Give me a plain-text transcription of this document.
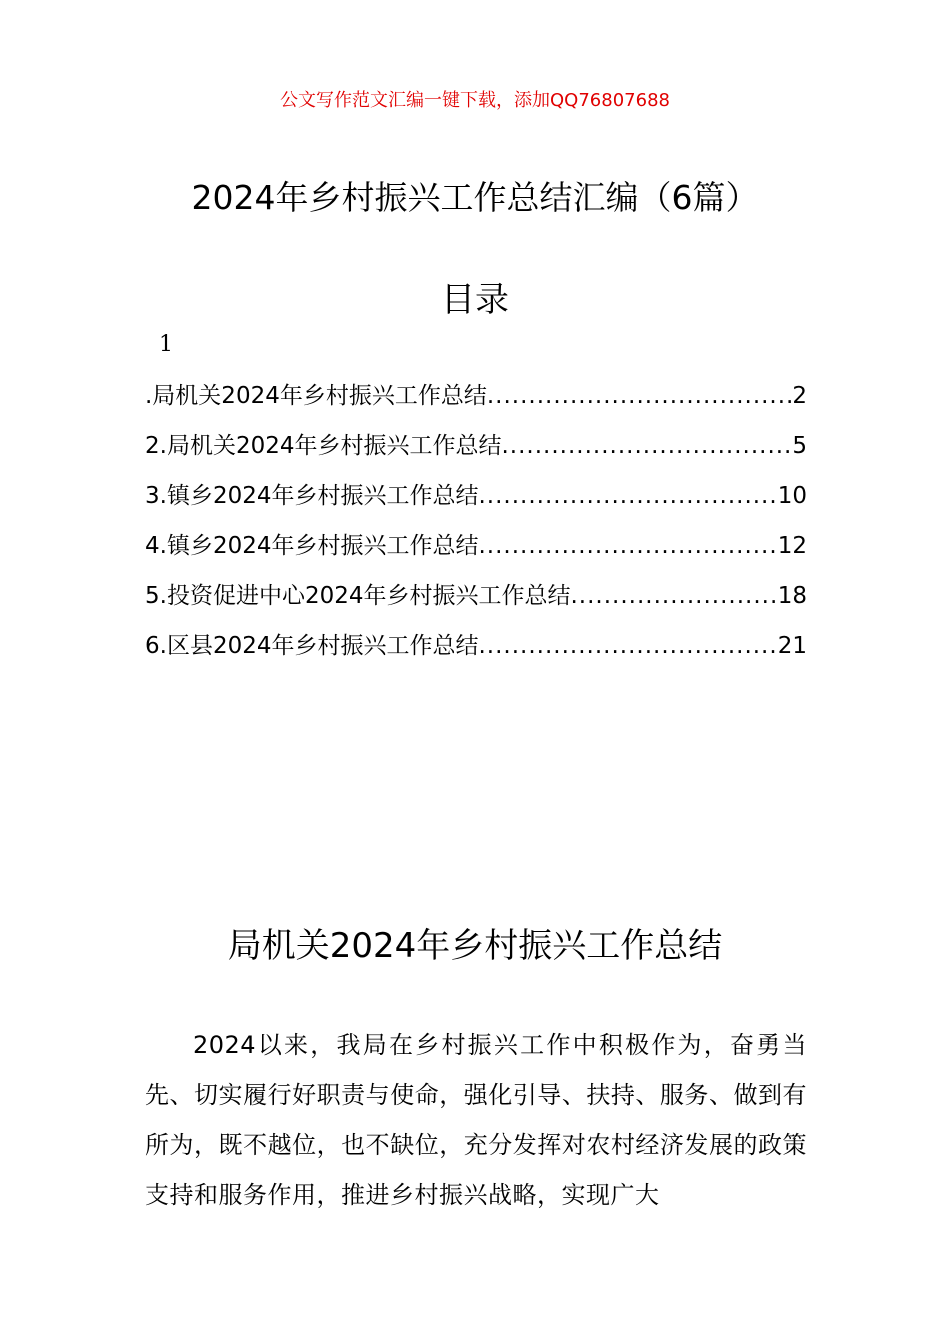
公文写作范文汇编一键下载，添加QQ76807688
2024年乡村振兴工作总结汇编（6篇）
目录
1
.局机关2024年乡村振兴工作总结 .....	2
2.局机关2024年乡村振兴工作总结 .....	5
3.镇乡2024年乡村振兴工作总结 .....	10
4.镇乡2024年乡村振兴工作总结 .....	12
5.投资促进中心2024年乡村振兴工作总结 .....	18
6.区县2024年乡村振兴工作总结 .....	21
局机关2024年乡村振兴工作总结
2024以来，我局在乡村振兴工作中积极作为，奋勇当先、切实履行好职责与使命，强化引导、扶持、服务、做到有所为，既不越位，也不缺位，充分发挥对农村经济发展的政策支持和服务作用，推进乡村振兴战略，实现广大
